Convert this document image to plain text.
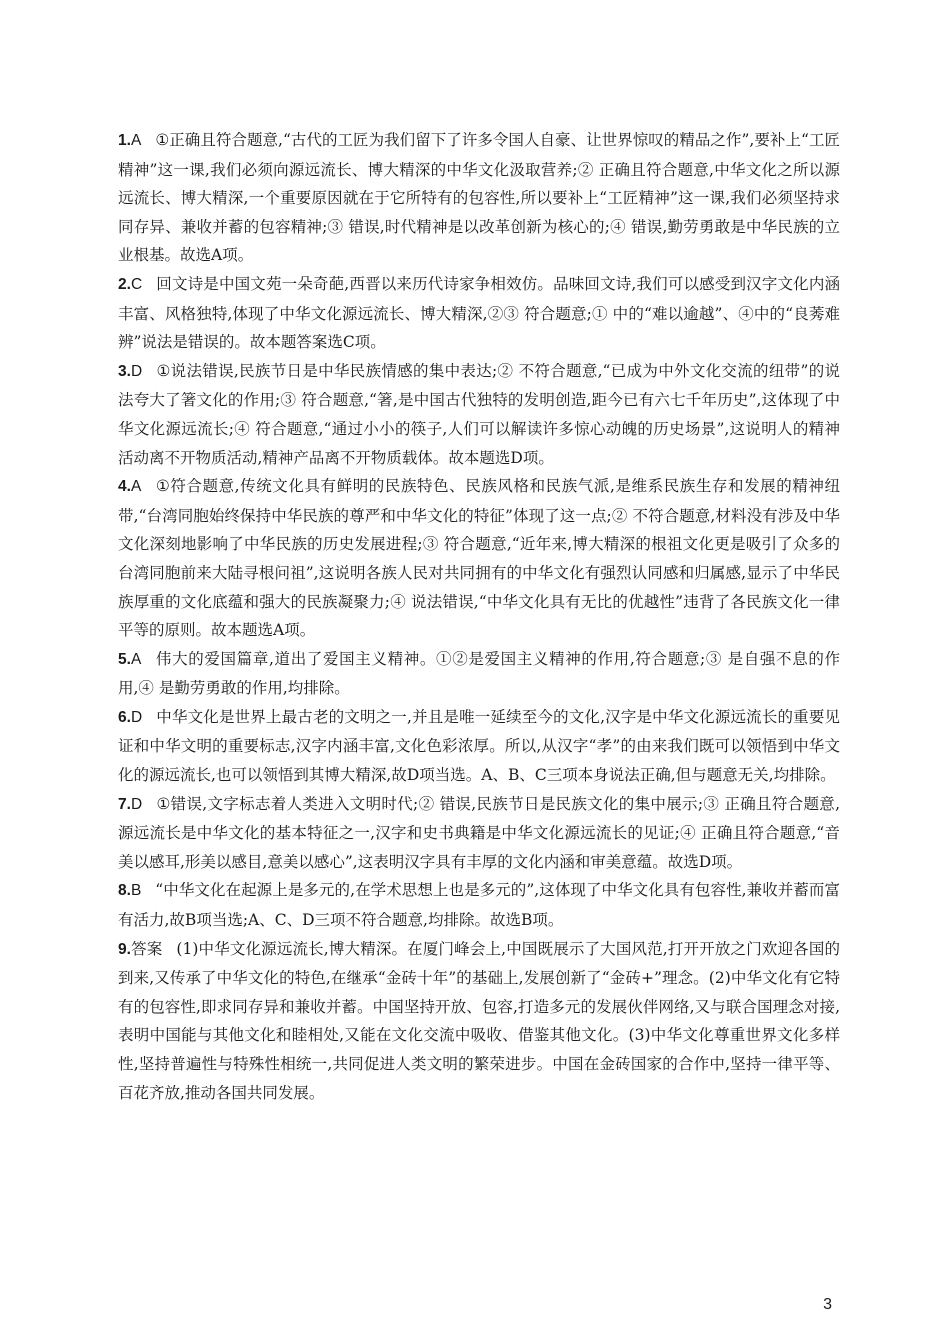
1.A ①正确且符合题意,“古代的工匠为我们留下了许多令国人自豪、让世界惊叹的精品之作”,要补上“工匠精神”这一课,我们必须向源远流长、博大精深的中华文化汲取营养;② 正确且符合题意,中华文化之所以源远流长、博大精深,一个重要原因就在于它所特有的包容性,所以要补上“工匠精神”这一课,我们必须坚持求同存异、兼收并蓄的包容精神;③ 错误,时代精神是以改革创新为核心的;④ 错误,勤劳勇敢是中华民族的立业根基。故选A项。

2.C 回文诗是中国文苑一朵奇葩,西晋以来历代诗家争相效仿。品味回文诗,我们可以感受到汉字文化内涵丰富、风格独特,体现了中华文化源远流长、博大精深,②③ 符合题意;① 中的“难以逾越”、④中的“良莠难辨”说法是错误的。故本题答案选C项。

3.D ①说法错误,民族节日是中华民族情感的集中表达;② 不符合题意,“已成为中外文化交流的纽带”的说法夸大了箸文化的作用;③ 符合题意,“箸,是中国古代独特的发明创造,距今已有六七千年历史”,这体现了中华文化源远流长;④ 符合题意,“通过小小的筷子,人们可以解读许多惊心动魄的历史场景”,这说明人的精神活动离不开物质活动,精神产品离不开物质载体。故本题选D项。

4.A ①符合题意,传统文化具有鲜明的民族特色、民族风格和民族气派,是维系民族生存和发展的精神纽带,“台湾同胞始终保持中华民族的尊严和中华文化的特征”体现了这一点;② 不符合题意,材料没有涉及中华文化深刻地影响了中华民族的历史发展进程;③ 符合题意,“近年来,博大精深的根祖文化更是吸引了众多的台湾同胞前来大陆寻根问祖”,这说明各族人民对共同拥有的中华文化有强烈认同感和归属感,显示了中华民族厚重的文化底蕴和强大的民族凝聚力;④ 说法错误,“中华文化具有无比的优越性”违背了各民族文化一律平等的原则。故本题选A项。

5.A 伟大的爱国篇章,道出了爱国主义精神。①②是爱国主义精神的作用,符合题意;③ 是自强不息的作用,④ 是勤劳勇敢的作用,均排除。

6.D 中华文化是世界上最古老的文明之一,并且是唯一延续至今的文化,汉字是中华文化源远流长的重要见证和中华文明的重要标志,汉字内涵丰富,文化色彩浓厚。所以,从汉字“孝”的由来我们既可以领悟到中华文化的源远流长,也可以领悟到其博大精深,故D项当选。A、B、C三项本身说法正确,但与题意无关,均排除。

7.D ①错误,文字标志着人类进入文明时代;② 错误,民族节日是民族文化的集中展示;③ 正确且符合题意,源远流长是中华文化的基本特征之一,汉字和史书典籍是中华文化源远流长的见证;④ 正确且符合题意,“音美以感耳,形美以感目,意美以感心”,这表明汉字具有丰厚的文化内涵和审美意蕴。故选D项。

8.B “中华文化在起源上是多元的,在学术思想上也是多元的”,这体现了中华文化具有包容性,兼收并蓄而富有活力,故B项当选;A、C、D三项不符合题意,均排除。故选B项。

9.答案 (1)中华文化源远流长,博大精深。在厦门峰会上,中国既展示了大国风范,打开开放之门欢迎各国的到来,又传承了中华文化的特色,在继承“金砖十年”的基础上,发展创新了“金砖+”理念。(2)中华文化有它特有的包容性,即求同存异和兼收并蓄。中国坚持开放、包容,打造多元的发展伙伴网络,又与联合国理念对接,表明中国能与其他文化和睦相处,又能在文化交流中吸收、借鉴其他文化。(3)中华文化尊重世界文化多样性,坚持普遍性与特殊性相统一,共同促进人类文明的繁荣进步。中国在金砖国家的合作中,坚持一律平等、百花齐放,推动各国共同发展。

3
